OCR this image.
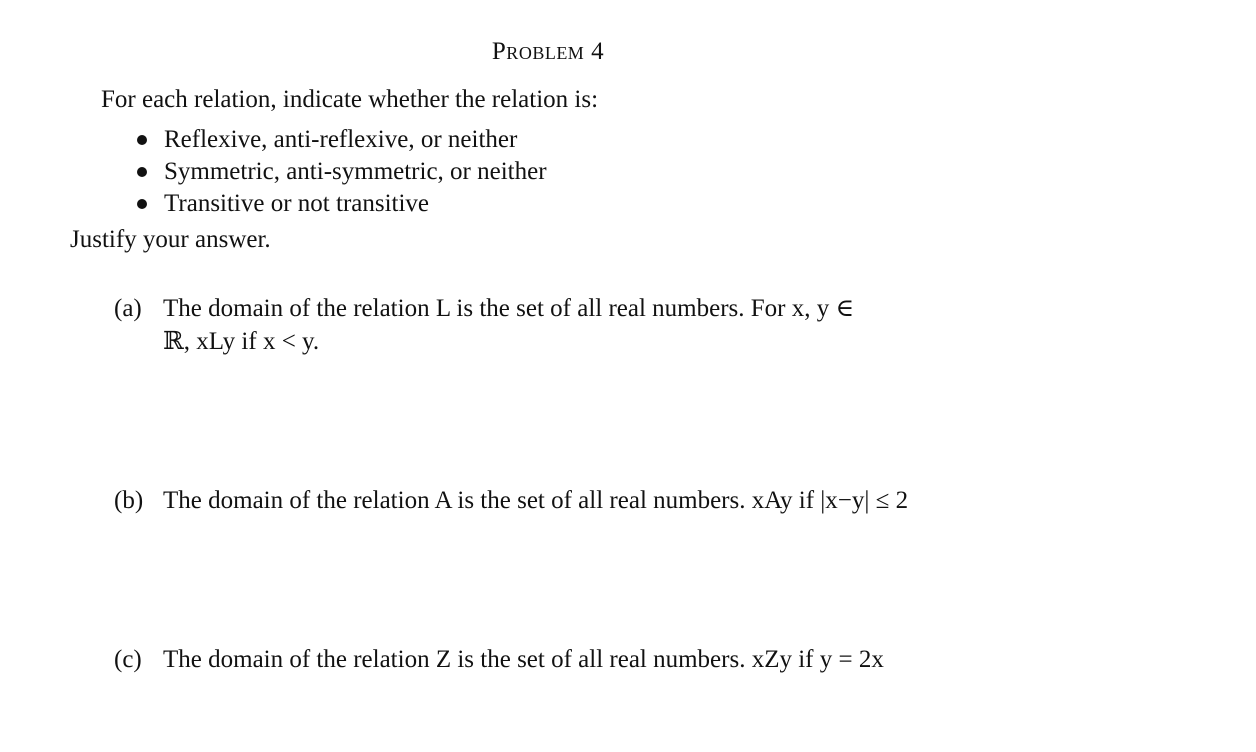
Problem 4
For each relation, indicate whether the relation is:
Reflexive, anti-reflexive, or neither
Symmetric, anti-symmetric, or neither
Transitive or not transitive
Justify your answer.
(a) The domain of the relation L is the set of all real numbers. For x, y ∈
ℝ, xLy if x < y.
(b) The domain of the relation A is the set of all real numbers. xAy if |x−y| ≤ 2
(c) The domain of the relation Z is the set of all real numbers. xZy if y = 2x
